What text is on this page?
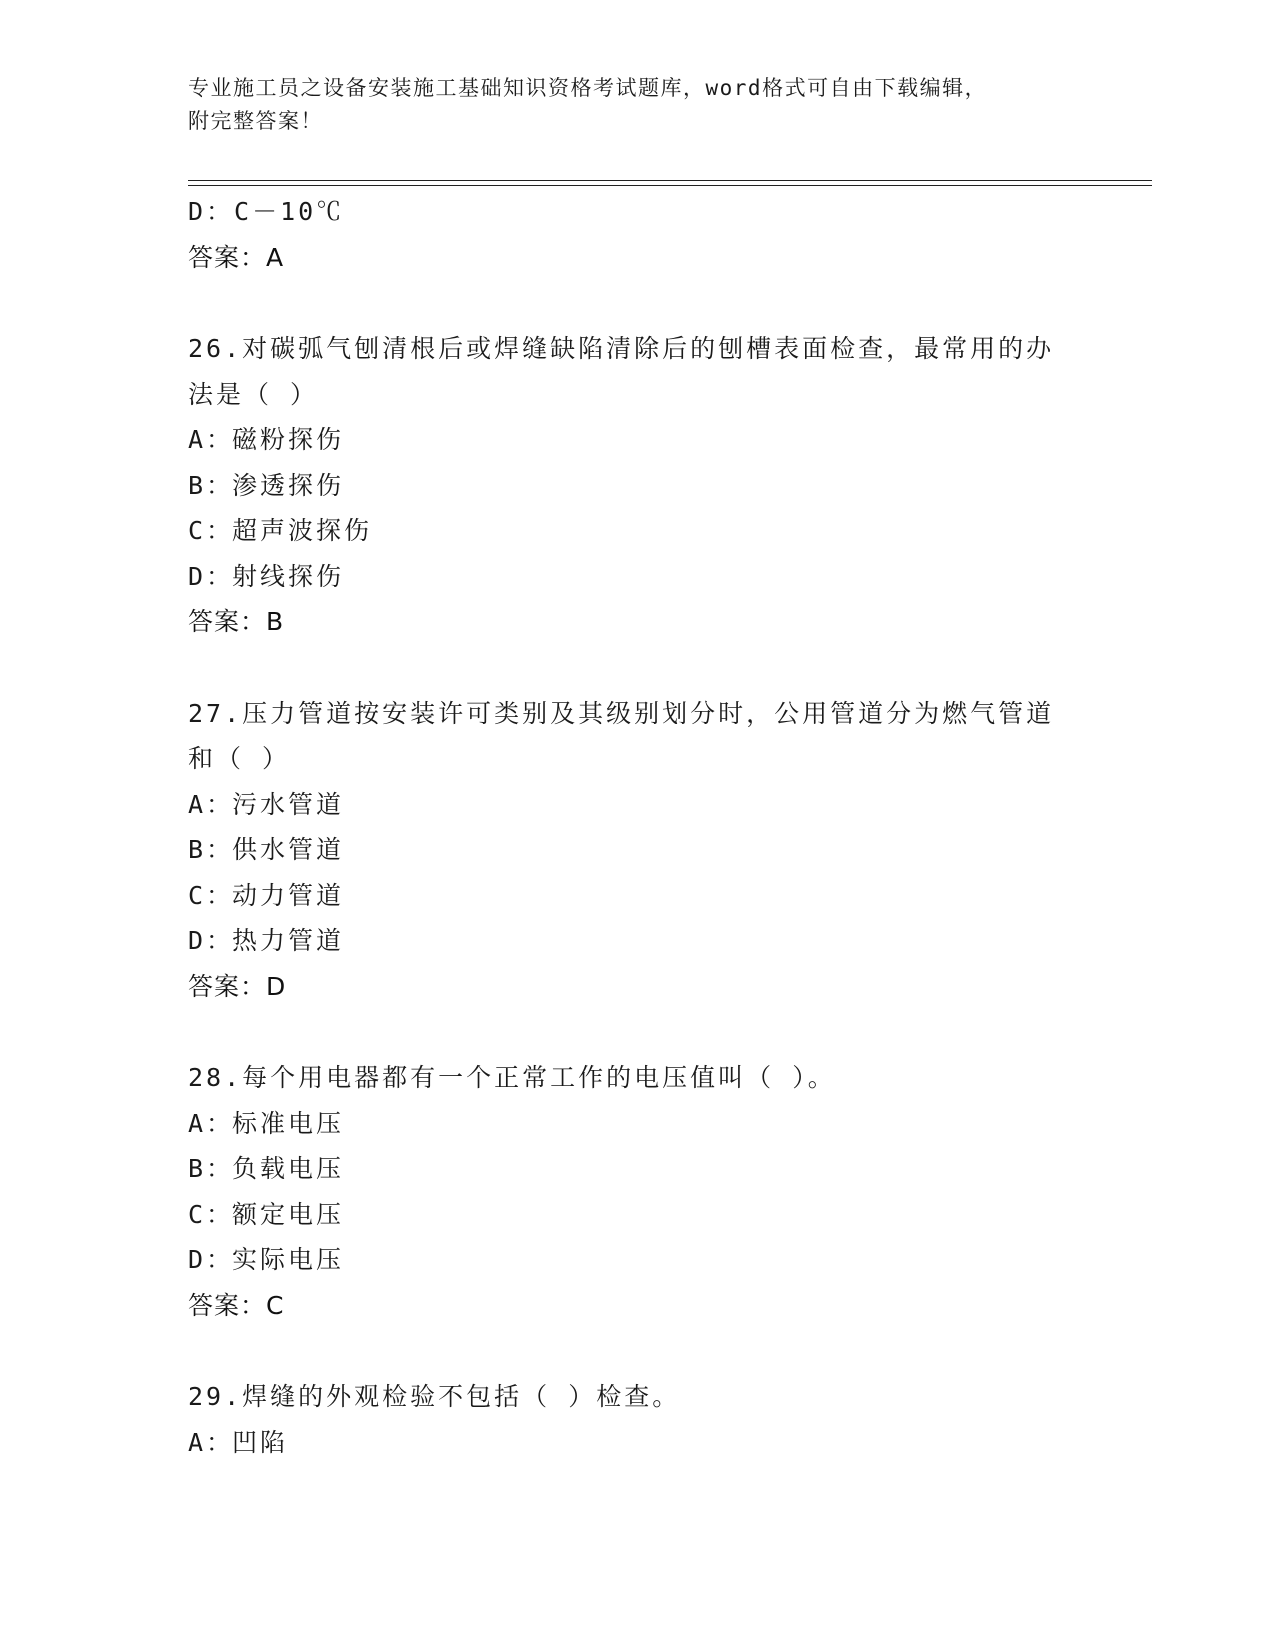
专业施工员之设备安装施工基础知识资格考试题库，word格式可自由下载编辑，
附完整答案！
D：C－10℃
答案：A
26.对碳弧气刨清根后或焊缝缺陷清除后的刨槽表面检查，最常用的办
法是（ ）
A：磁粉探伤
B：渗透探伤
C：超声波探伤
D：射线探伤
答案：B
27.压力管道按安装许可类别及其级别划分时，公用管道分为燃气管道
和（ ）
A：污水管道
B：供水管道
C：动力管道
D：热力管道
答案：D
28.每个用电器都有一个正常工作的电压值叫（ ）。
A：标准电压
B：负载电压
C：额定电压
D：实际电压
答案：C
29.焊缝的外观检验不包括（ ）检查。
A：凹陷
